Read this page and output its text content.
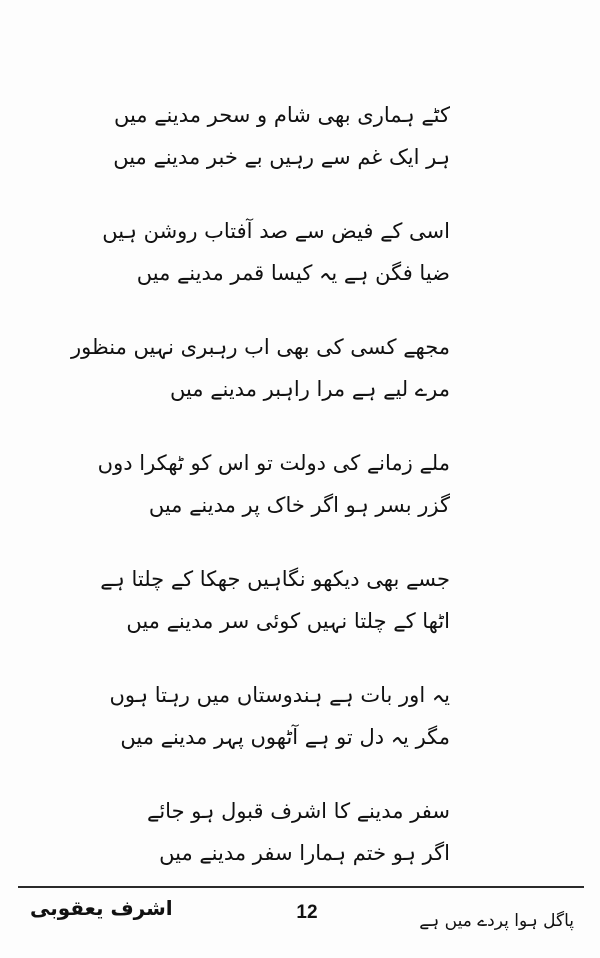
کٹے ہماری بھی شام و سحر مدینے میں
ہر ایک غم سے رہیں بے خبر مدینے میں
اسی کے فیض سے صد آفتاب روشن ہیں
ضیا فگن ہے یہ کیسا قمر مدینے میں
مجھے کسی کی بھی اب رہبری نہیں منظور
مرے لیے ہے مرا راہبر مدینے میں
ملے زمانے کی دولت تو اس کو ٹھکرا دوں
گزر بسر ہو اگر خاک پر مدینے میں
جسے بھی دیکھو نگاہیں جھکا کے چلتا ہے
اٹھا کے چلتا نہیں کوئی سر مدینے میں
یہ اور بات ہے ہندوستاں میں رہتا ہوں
مگر یہ دل تو ہے آٹھوں پہر مدینے میں
سفر مدینے کا اشرف قبول ہو جائے
اگر ہو ختم ہمارا سفر مدینے میں
اشرف یعقوبی	12	پاگل ہوا پردے میں ہے
